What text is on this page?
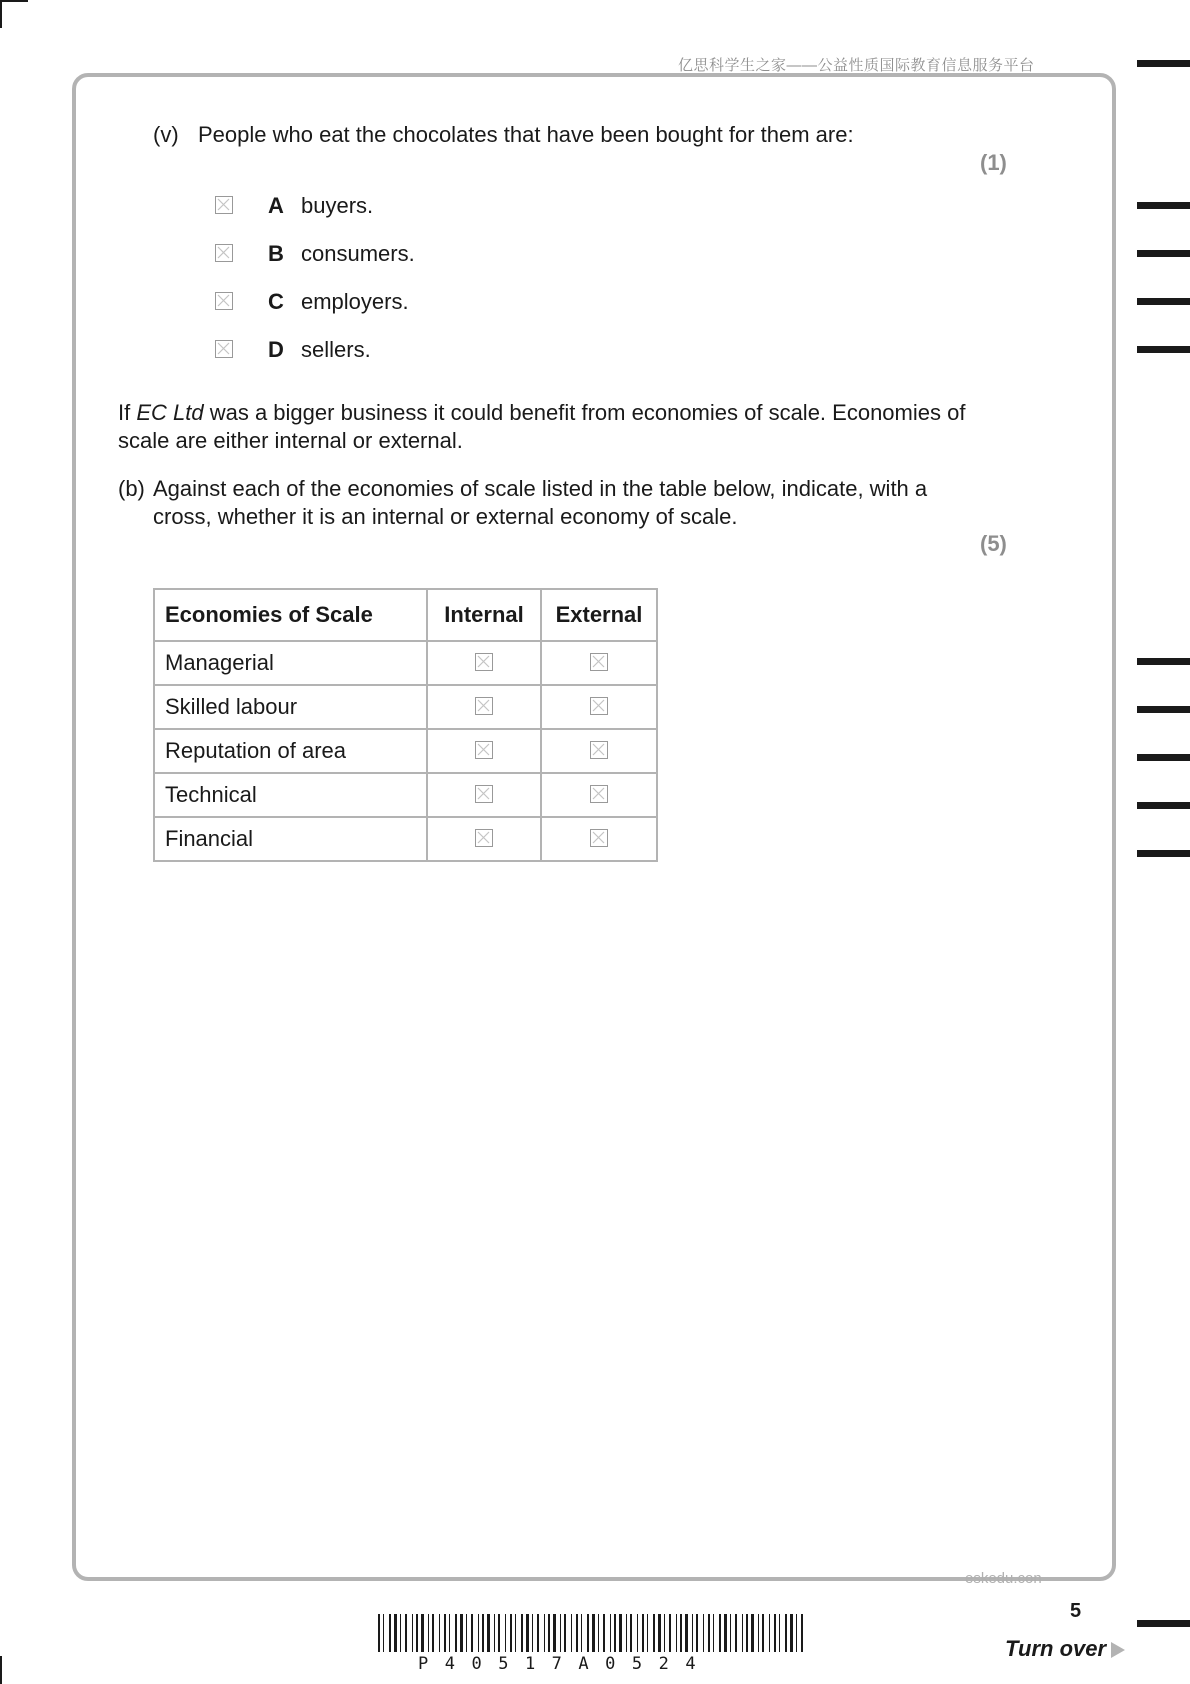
亿思科学生之家——公益性质国际教育信息服务平台
(v) People who eat the chocolates that have been bought for them are:
(1)
A buyers.
B consumers.
C employers.
D sellers.
If EC Ltd was a bigger business it could benefit from economies of scale. Economies of scale are either internal or external.
(b) Against each of the economies of scale listed in the table below, indicate, with a cross, whether it is an internal or external economy of scale.
(5)
Economies of Scale	Internal	External
Managerial	

Skilled labour	

Reputation of area	

Technical	

Financial	

eskedu.con
5
Turn over
P40517A0524
